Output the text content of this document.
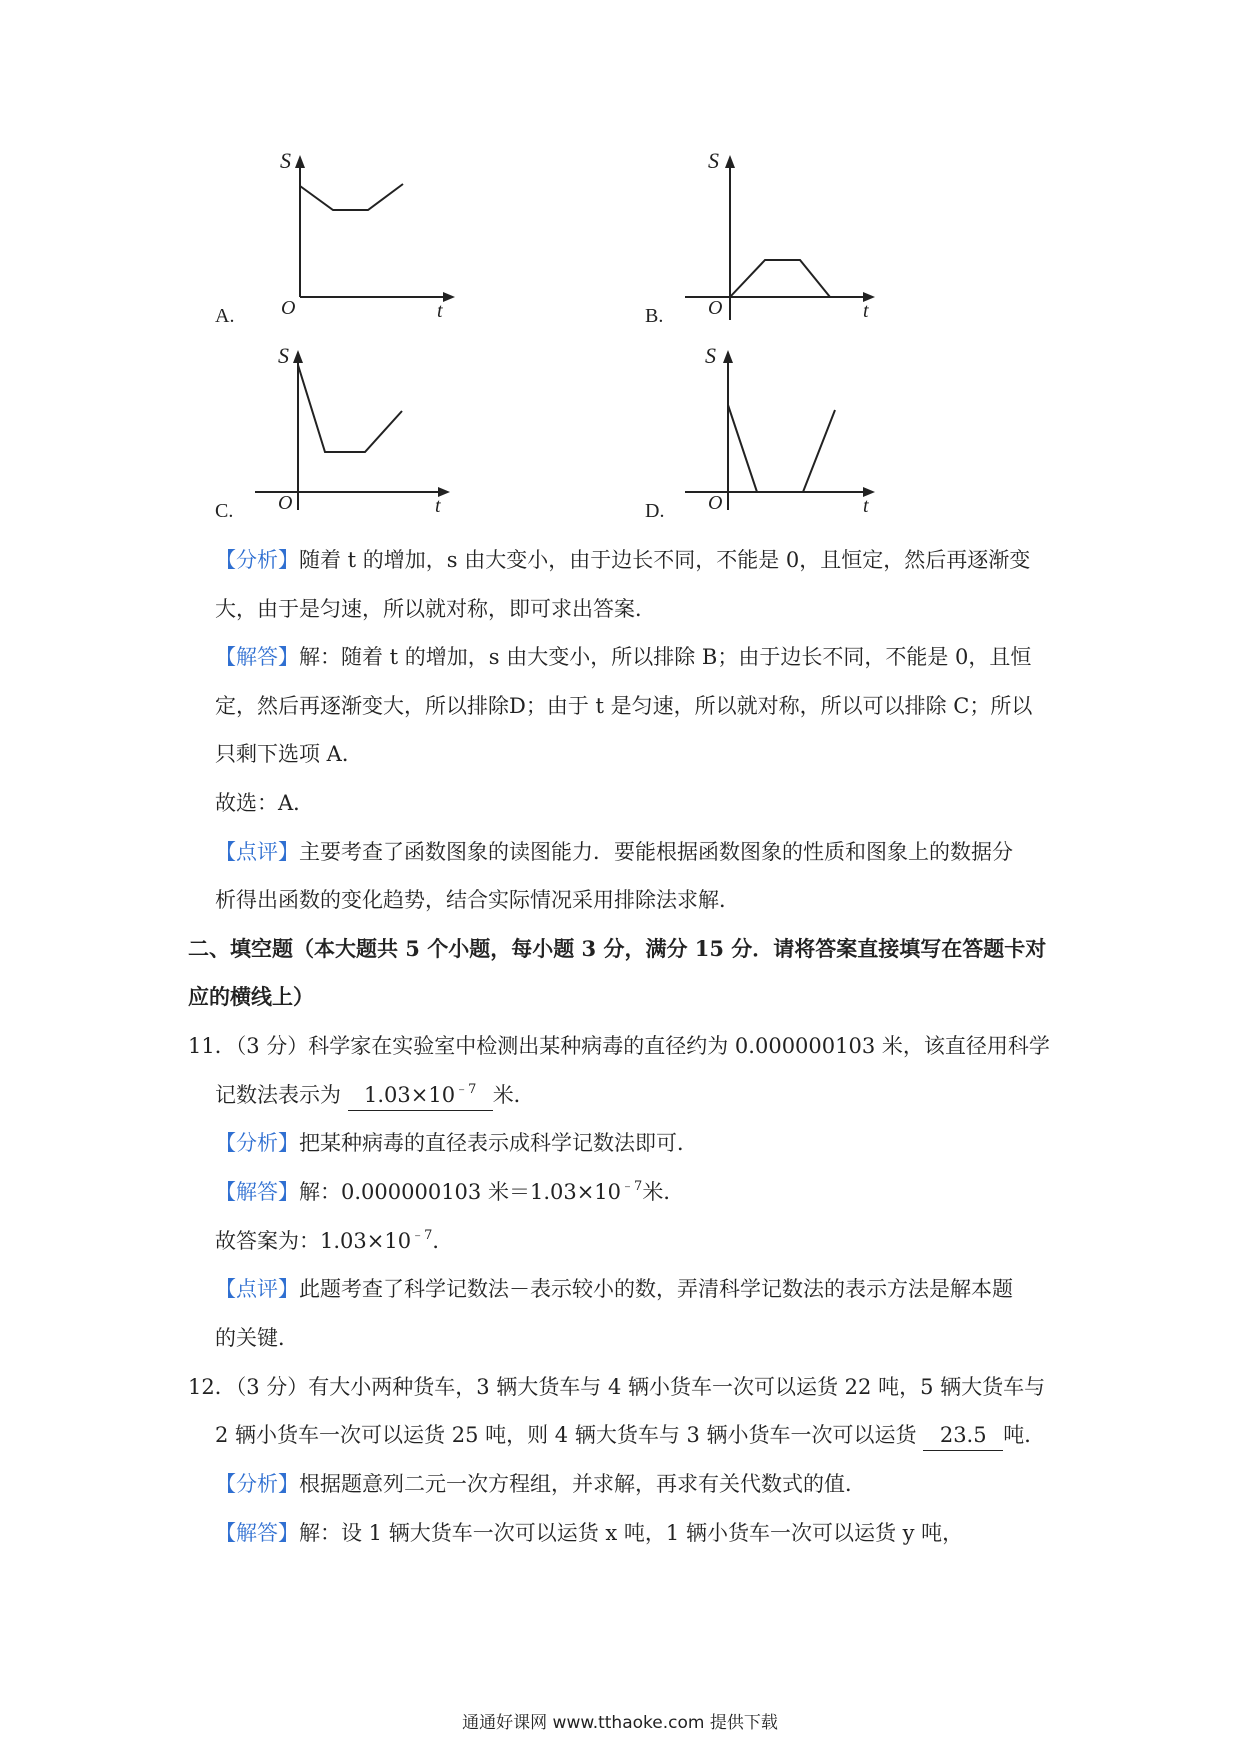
A.
S
O	t	B.
S
O	t
C.
S
O	t	D.
S
O	t
【分析】随着 t 的增加，s 由大变小，由于边长不同，不能是 0，且恒定，然后再逐渐变
大，由于是匀速，所以就对称，即可求出答案．
【解答】解：随着 t 的增加，s 由大变小，所以排除 B；由于边长不同，不能是 0，且恒
定，然后再逐渐变大，所以排除D；由于 t 是匀速，所以就对称，所以可以排除 C；所以
只剩下选项 A．
故选：A．
【点评】主要考查了函数图象的读图能力．要能根据函数图象的性质和图象上的数据分
析得出函数的变化趋势，结合实际情况采用排除法求解．
二、填空题（本大题共 5 个小题，每小题 3 分，满分 15 分．请将答案直接填写在答题卡对
应的横线上）
11．（3 分）科学家在实验室中检测出某种病毒的直径约为 0.000000103 米，该直径用科学
记数法表示为 $1.03\times 10^{﹣7}$ 米．
【分析】把某种病毒的直径表示成科学记数法即可．
【解答】解：0.000000103 米$=1.03\times 10^{﹣7}$米．
故答案为：$1.03\times 10^{﹣7}$．
【点评】此题考查了科学记数法－表示较小的数，弄清科学记数法的表示方法是解本题
的关键．
12．（3 分）有大小两种货车，3 辆大货车与 4 辆小货车一次可以运货 22 吨，5 辆大货车与
2 辆小货车一次可以运货 25 吨，则 4 辆大货车与 3 辆小货车一次可以运货 23.5 吨．
【分析】根据题意列二元一次方程组，并求解，再求有关代数式的值．
【解答】解：设 1 辆大货车一次可以运货 x 吨，1 辆小货车一次可以运货 y 吨，
通通好课网 www.tthaoke.com 提供下载
